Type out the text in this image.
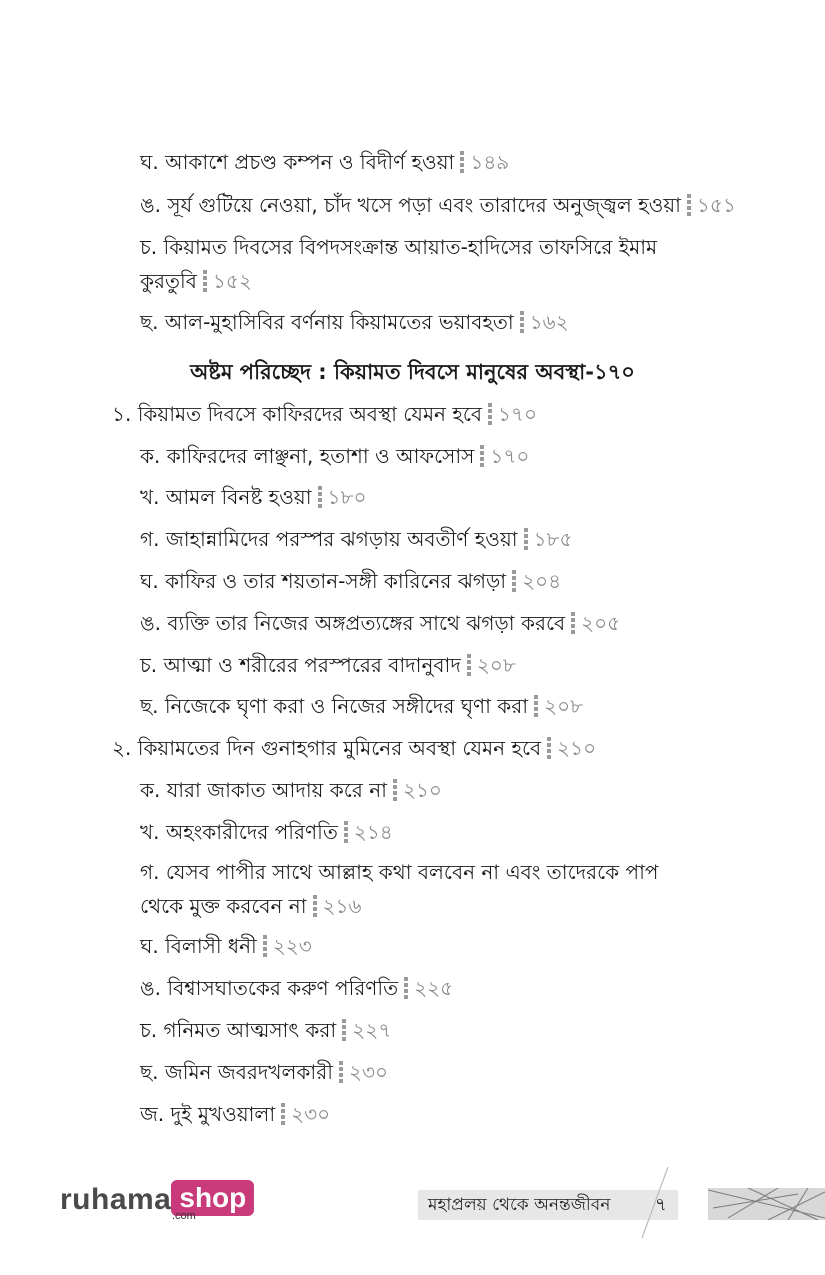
ঘ. আকাশে প্রচণ্ড কম্পন ও বিদীর্ণ হওয়া ১৪৯
ঙ. সূর্য গুটিয়ে নেওয়া, চাঁদ খসে পড়া এবং তারাদের অনুজ্জ্বল হওয়া ১৫১
চ. কিয়ামত দিবসের বিপদসংক্রান্ত আয়াত-হাদিসের তাফসিরে ইমাম কুরতুবি ১৫২
ছ. আল-মুহাসিবির বর্ণনায় কিয়ামতের ভয়াবহতা ১৬২
অষ্টম পরিচ্ছেদ : কিয়ামত দিবসে মানুষের অবস্থা-১৭০
১. কিয়ামত দিবসে কাফিরদের অবস্থা যেমন হবে ১৭০
ক. কাফিরদের লাঞ্ছনা, হতাশা ও আফসোস ১৭০
খ. আমল বিনষ্ট হওয়া ১৮০
গ. জাহান্নামিদের পরস্পর ঝগড়ায় অবতীর্ণ হওয়া ১৮৫
ঘ. কাফির ও তার শয়তান-সঙ্গী কারিনের ঝগড়া ২০৪
ঙ. ব্যক্তি তার নিজের অঙ্গপ্রত্যঙ্গের সাথে ঝগড়া করবে ২০৫
চ. আত্মা ও শরীরের পরস্পরের বাদানুবাদ ২০৮
ছ. নিজেকে ঘৃণা করা ও নিজের সঙ্গীদের ঘৃণা করা ২০৮
২. কিয়ামতের দিন গুনাহগার মুমিনের অবস্থা যেমন হবে ২১০
ক. যারা জাকাত আদায় করে না ২১০
খ. অহংকারীদের পরিণতি ২১৪
গ. যেসব পাপীর সাথে আল্লাহ কথা বলবেন না এবং তাদেরকে পাপ থেকে মুক্ত করবেন না ২১৬
ঘ. বিলাসী ধনী ২২৩
ঙ. বিশ্বাসঘাতকের করুণ পরিণতি ২২৫
চ. গনিমত আত্মসাৎ করা ২২৭
ছ. জমিন জবরদখলকারী ২৩০
জ. দুই মুখওয়ালা ২৩০
ruhama shop
.com
মহাপ্রলয় থেকে অনন্তজীবন ৭
